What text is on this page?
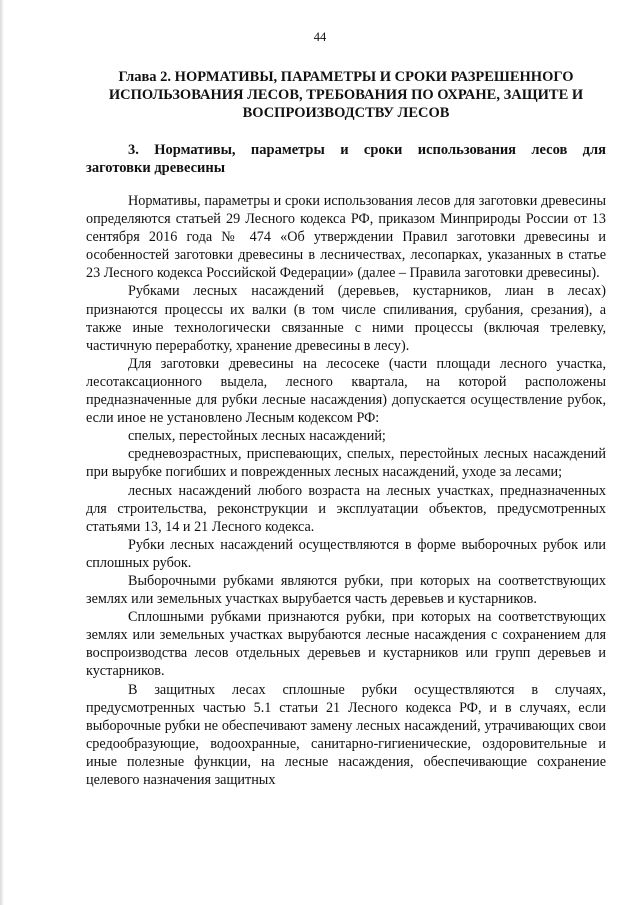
44
Глава 2. НОРМАТИВЫ, ПАРАМЕТРЫ И СРОКИ РАЗРЕШЕННОГО ИСПОЛЬЗОВАНИЯ ЛЕСОВ, ТРЕБОВАНИЯ ПО ОХРАНЕ, ЗАЩИТЕ И ВОСПРОИЗВОДСТВУ ЛЕСОВ
3. Нормативы, параметры и сроки использования лесов для
заготовки древесины

Нормативы, параметры и сроки использования лесов для заготовки древесины определяются статьей 29 Лесного кодекса РФ, приказом Минприроды России от 13 сентября 2016 года № 474 «Об утверждении Правил заготовки древесины и особенностей заготовки древесины в лесничествах, лесопарках, указанных в статье 23 Лесного кодекса Российской Федерации» (далее – Правила заготовки древесины).

Рубками лесных насаждений (деревьев, кустарников, лиан в лесах) признаются процессы их валки (в том числе спиливания, срубания, срезания), а также иные технологически связанные с ними процессы (включая трелевку, частичную переработку, хранение древесины в лесу).

Для заготовки древесины на лесосеке (части площади лесного участка, лесотаксационного выдела, лесного квартала, на которой расположены предназначенные для рубки лесные насаждения) допускается осуществление рубок, если иное не установлено Лесным кодексом РФ:

спелых, перестойных лесных насаждений;

средневозрастных, приспевающих, спелых, перестойных лесных насаждений при вырубке погибших и поврежденных лесных насаждений, уходе за лесами;

лесных насаждений любого возраста на лесных участках, предназначенных для строительства, реконструкции и эксплуатации объектов, предусмотренных статьями 13, 14 и 21 Лесного кодекса.

Рубки лесных насаждений осуществляются в форме выборочных рубок или сплошных рубок.

Выборочными рубками являются рубки, при которых на соответствующих землях или земельных участках вырубается часть деревьев и кустарников.

Сплошными рубками признаются рубки, при которых на соответствующих землях или земельных участках вырубаются лесные насаждения с сохранением для воспроизводства лесов отдельных деревьев и кустарников или групп деревьев и кустарников.

В защитных лесах сплошные рубки осуществляются в случаях, предусмотренных частью 5.1 статьи 21 Лесного кодекса РФ, и в случаях, если выборочные рубки не обеспечивают замену лесных насаждений, утрачивающих свои средообразующие, водоохранные, санитарно-гигиенические, оздоровительные и иные полезные функции, на лесные насаждения, обеспечивающие сохранение целевого назначения защитных
